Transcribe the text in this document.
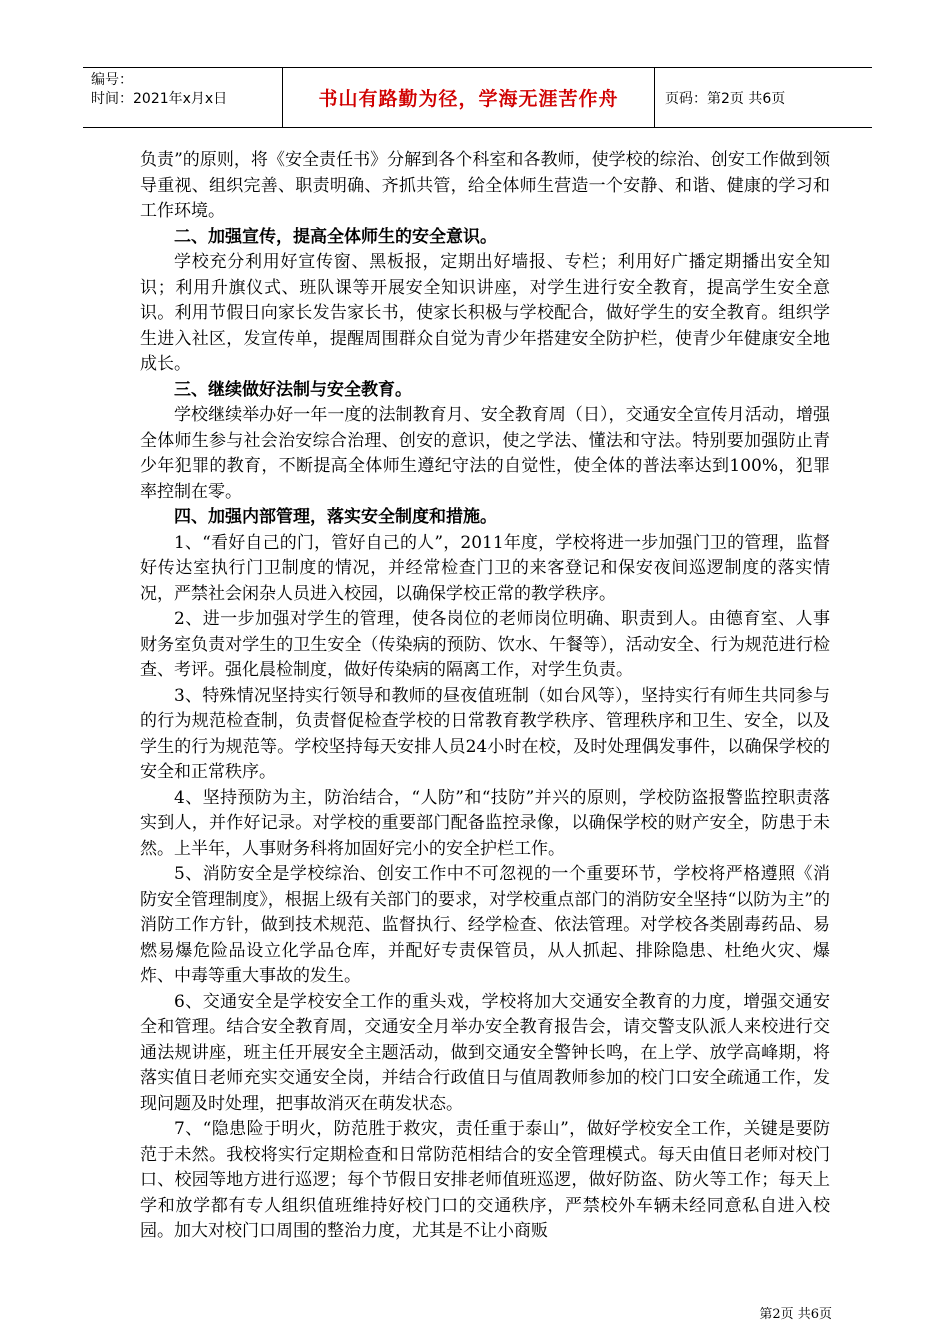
编号：
时间：2021年x月x日	书山有路勤为径，学海无涯苦作舟	页码：第2页 共6页

负责”的原则，将《安全责任书》分解到各个科室和各教师，使学校的综治、创安工作做到领导重视、组织完善、职责明确、齐抓共管，给全体师生营造一个安静、和谐、健康的学习和工作环境。

二、加强宣传，提高全体师生的安全意识。

学校充分利用好宣传窗、黑板报，定期出好墙报、专栏；利用好广播定期播出安全知识；利用升旗仪式、班队课等开展安全知识讲座，对学生进行安全教育，提高学生安全意识。利用节假日向家长发告家长书，使家长积极与学校配合，做好学生的安全教育。组织学生进入社区，发宣传单，提醒周围群众自觉为青少年搭建安全防护栏，使青少年健康安全地成长。

三、继续做好法制与安全教育。

学校继续举办好一年一度的法制教育月、安全教育周（日），交通安全宣传月活动，增强全体师生参与社会治安综合治理、创安的意识，使之学法、懂法和守法。特别要加强防止青少年犯罪的教育，不断提高全体师生遵纪守法的自觉性，使全体的普法率达到100%，犯罪率控制在零。

四、加强内部管理，落实安全制度和措施。

1、“看好自己的门，管好自己的人”，2011年度，学校将进一步加强门卫的管理，监督好传达室执行门卫制度的情况，并经常检查门卫的来客登记和保安夜间巡逻制度的落实情况，严禁社会闲杂人员进入校园，以确保学校正常的教学秩序。

2、进一步加强对学生的管理，使各岗位的老师岗位明确、职责到人。由德育室、人事财务室负责对学生的卫生安全（传染病的预防、饮水、午餐等），活动安全、行为规范进行检查、考评。强化晨检制度，做好传染病的隔离工作，对学生负责。

3、特殊情况坚持实行领导和教师的昼夜值班制（如台风等），坚持实行有师生共同参与的行为规范检查制，负责督促检查学校的日常教育教学秩序、管理秩序和卫生、安全，以及学生的行为规范等。学校坚持每天安排人员24小时在校，及时处理偶发事件，以确保学校的安全和正常秩序。

4、坚持预防为主，防治结合，“人防”和“技防”并兴的原则，学校防盗报警监控职责落实到人，并作好记录。对学校的重要部门配备监控录像，以确保学校的财产安全，防患于未然。上半年，人事财务科将加固好完小的安全护栏工作。

5、消防安全是学校综治、创安工作中不可忽视的一个重要环节，学校将严格遵照《消防安全管理制度》，根据上级有关部门的要求，对学校重点部门的消防安全坚持“以防为主”的消防工作方针，做到技术规范、监督执行、经学检查、依法管理。对学校各类剧毒药品、易燃易爆危险品设立化学品仓库，并配好专责保管员，从人抓起、排除隐患、杜绝火灾、爆炸、中毒等重大事故的发生。

6、交通安全是学校安全工作的重头戏，学校将加大交通安全教育的力度，增强交通安全和管理。结合安全教育周，交通安全月举办安全教育报告会，请交警支队派人来校进行交通法规讲座，班主任开展安全主题活动，做到交通安全警钟长鸣，在上学、放学高峰期，将落实值日老师充实交通安全岗，并结合行政值日与值周教师参加的校门口安全疏通工作，发现问题及时处理，把事故消灭在萌发状态。

7、“隐患险于明火，防范胜于救灾，责任重于泰山”，做好学校安全工作，关键是要防范于未然。我校将实行定期检查和日常防范相结合的安全管理模式。每天由值日老师对校门口、校园等地方进行巡逻；每个节假日安排老师值班巡逻，做好防盗、防火等工作；每天上学和放学都有专人组织值班维持好校门口的交通秩序，严禁校外车辆未经同意私自进入校园。加大对校门口周围的整治力度，尤其是不让小商贩

第2页 共6页
